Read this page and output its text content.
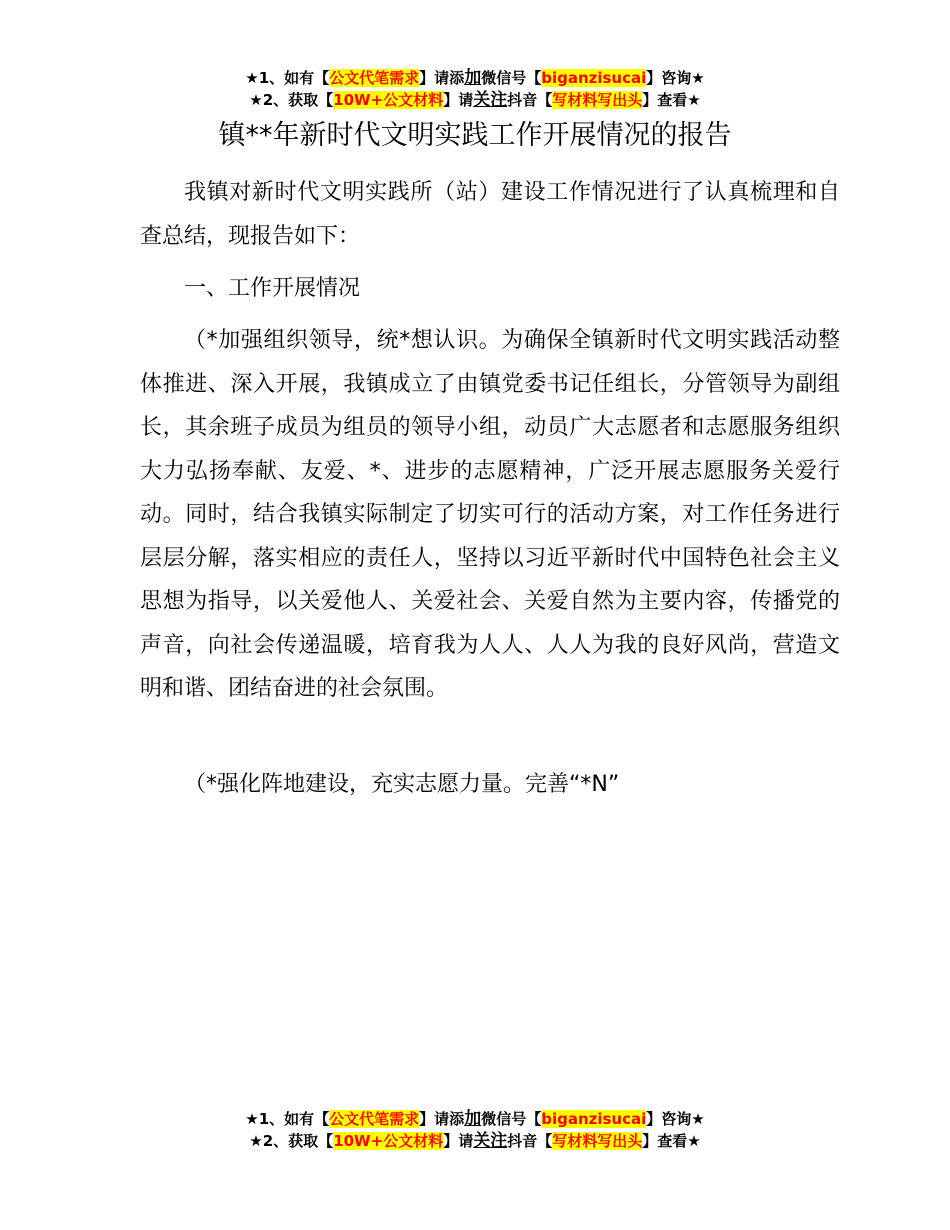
★1、如有【公文代笔需求】请添加微信号【biganzisucai】咨询★
★2、获取【10W+公文材料】请关注抖音【写材料写出头】查看★
镇**年新时代文明实践工作开展情况的报告

我镇对新时代文明实践所（站）建设工作情况进行了认真梳理和自查总结，现报告如下：

一、工作开展情况

（*加强组织领导，统*想认识。为确保全镇新时代文明实践活动整体推进、深入开展，我镇成立了由镇党委书记任组长，分管领导为副组长，其余班子成员为组员的领导小组，动员广大志愿者和志愿服务组织大力弘扬奉献、友爱、*、进步的志愿精神，广泛开展志愿服务关爱行动。同时，结合我镇实际制定了切实可行的活动方案，对工作任务进行层层分解，落实相应的责任人，坚持以习近平新时代中国特色社会主义思想为指导，以关爱他人、关爱社会、关爱自然为主要内容，传播党的声音，向社会传递温暖，培育我为人人、人人为我的良好风尚，营造文明和谐、团结奋进的社会氛围。

（*强化阵地建设，充实志愿力量。完善“*N”

★1、如有【公文代笔需求】请添加微信号【biganzisucai】咨询★
★2、获取【10W+公文材料】请关注抖音【写材料写出头】查看★
